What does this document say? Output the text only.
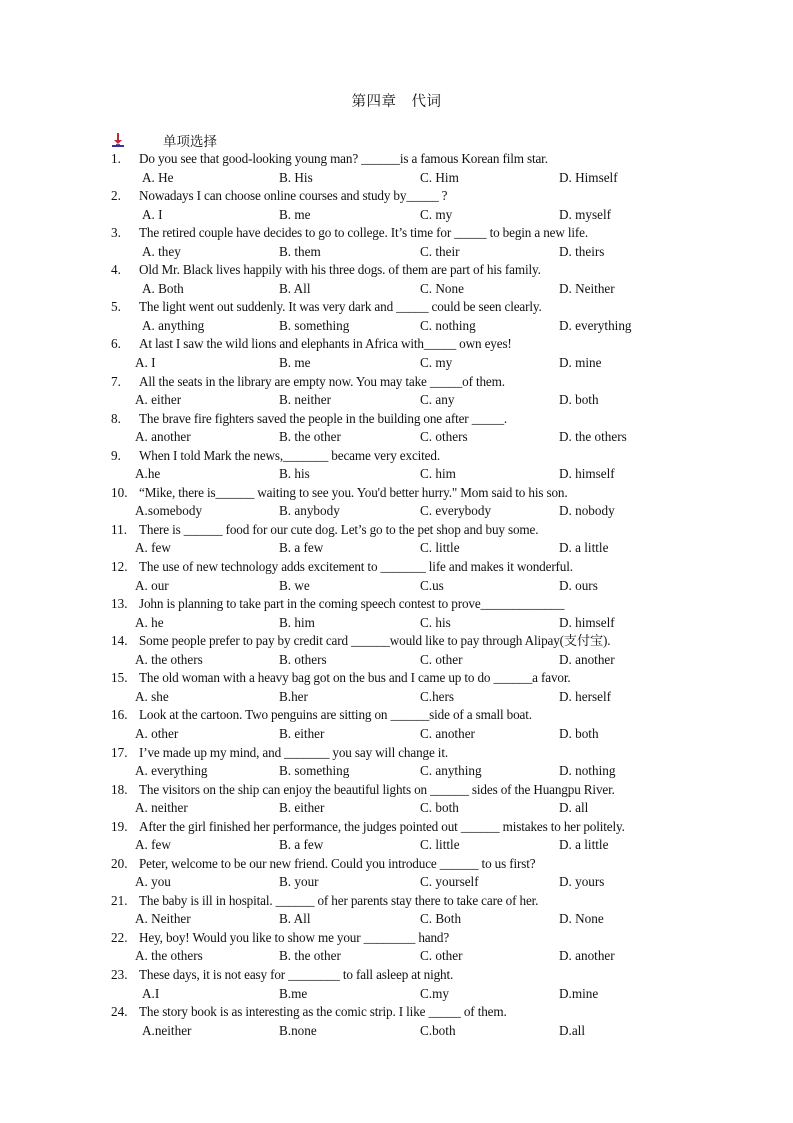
第四章　代词
单项选择
1. Do you see that good-looking young man? ______is a famous Korean film star.
A. He	B. His	C. Him	D. Himself
2. Nowadays I can choose online courses and study by_____ ?
A. I	B. me	C. my	D. myself
3. The retired couple have decides to go to college. It’s time for _____ to begin a new life.
A. they	B. them	C. their	D. theirs
4. Old Mr. Black lives happily with his three dogs. of them are part of his family.
A. Both	B. All	C. None	D. Neither
5. The light went out suddenly. It was very dark and _____ could be seen clearly.
A. anything	B. something	C. nothing	D. everything
6. At last I saw the wild lions and elephants in Africa with_____ own eyes!
A. I	B. me	C. my	D. mine
7. All the seats in the library are empty now. You may take _____of them.
A. either	B. neither	C. any	D. both
8. The brave fire fighters saved the people in the building one after _____.
A. another	B. the other	C. others	D. the others
9. When I told Mark the news,_______ became very excited.
A.he	B. his	C. him	D. himself
10. “Mike, there is______ waiting to see you. You'd better hurry." Mom said to his son.
A.somebody	B. anybody	C. everybody	D. nobody
11. There is ______ food for our cute dog. Let’s go to the pet shop and buy some.
A. few	B. a few	C. little	D. a little
12. The use of new technology adds excitement to _______ life and makes it wonderful.
A. our	B. we	C.us	D. ours
13. John is planning to take part in the coming speech contest to prove_____________
A. he	B. him	C. his	D. himself
14. Some people prefer to pay by credit card ______would like to pay through Alipay(支付宝).
A. the others	B. others	C. other	D. another
15. The old woman with a heavy bag got on the bus and I came up to do ______a favor.
A. she	B.her	C.hers	D. herself
16. Look at the cartoon. Two penguins are sitting on ______side of a small boat.
A. other	B. either	C. another	D. both
17. I’ve made up my mind, and _______ you say will change it.
A. everything	B. something	C. anything	D. nothing
18. The visitors on the ship can enjoy the beautiful lights on ______ sides of the Huangpu River.
A. neither	B. either	C. both	D. all
19. After the girl finished her performance, the judges pointed out ______ mistakes to her politely.
A. few	B. a few	C. little	D. a little
20. Peter, welcome to be our new friend. Could you introduce ______ to us first?
A. you	B. your	C. yourself	D. yours
21. The baby is ill in hospital. ______ of her parents stay there to take care of her.
A. Neither	B. All	C. Both	D. None
22. Hey, boy! Would you like to show me your ________ hand?
A. the others	B. the other	C. other	D. another
23. These days, it is not easy for ________ to fall asleep at night.
A.I	B.me	C.my	D.mine
24. The story book is as interesting as the comic strip. I like _____ of them.
A.neither	B.none	C.both	D.all
